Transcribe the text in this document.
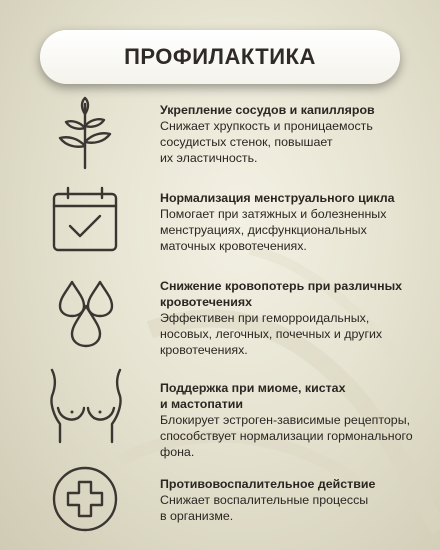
ПРОФИЛАКТИКА
Укрепление сосудов и капилляров
Снижает хрупкость и проницаемость
сосудистых стенок, повышает
их эластичность.
Нормализация менструального цикла
Помогает при затяжных и болезненных
менструациях, дисфункциональных
маточных кровотечениях.
Снижение кровопотерь при различных
кровотечениях
Эффективен при геморроидальных,
носовых, легочных, почечных и других
кровотечениях.
Поддержка при миоме, кистах
и мастопатии
Блокирует эстроген-зависимые рецепторы,
способствует нормализации гормонального
фона.
Противовоспалительное действие
Снижает воспалительные процессы
в организме.
